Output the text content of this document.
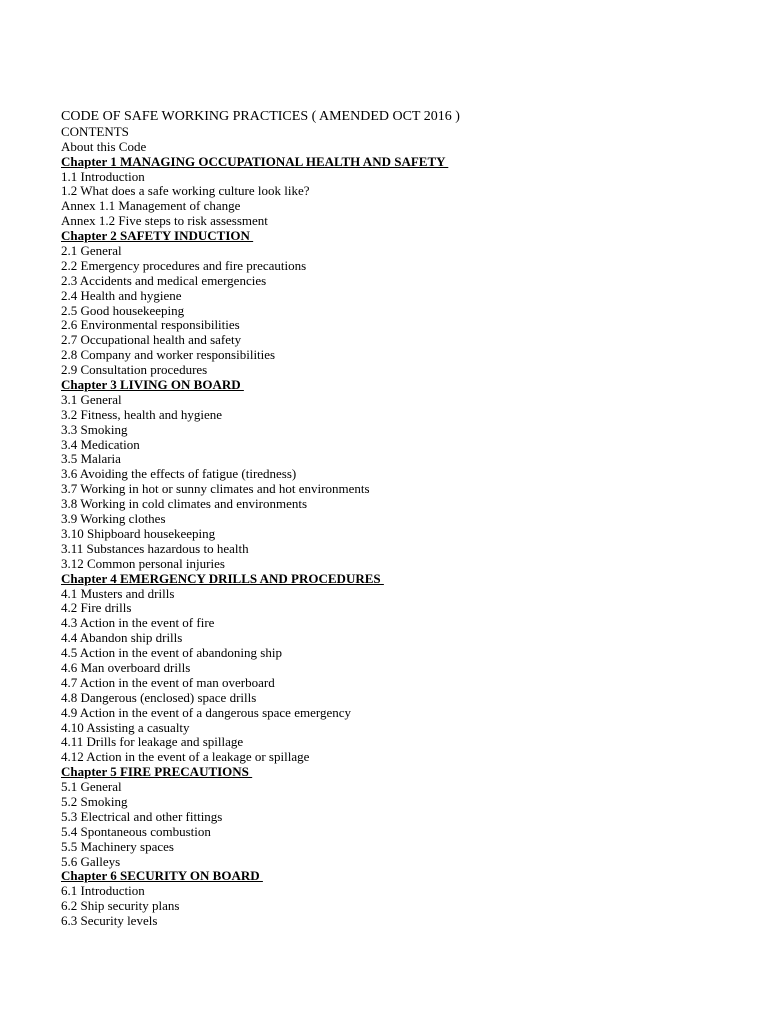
CODE OF SAFE WORKING PRACTICES ( AMENDED OCT 2016 )
CONTENTS
About this Code
Chapter 1 MANAGING OCCUPATIONAL HEALTH AND SAFETY
1.1 Introduction
1.2 What does a safe working culture look like?
Annex 1.1 Management of change
Annex 1.2 Five steps to risk assessment
Chapter 2 SAFETY INDUCTION
2.1 General
2.2 Emergency procedures and fire precautions
2.3 Accidents and medical emergencies
2.4 Health and hygiene
2.5 Good housekeeping
2.6 Environmental responsibilities
2.7 Occupational health and safety
2.8 Company and worker responsibilities
2.9 Consultation procedures
Chapter 3 LIVING ON BOARD
3.1 General
3.2 Fitness, health and hygiene
3.3 Smoking
3.4 Medication
3.5 Malaria
3.6 Avoiding the effects of fatigue (tiredness)
3.7 Working in hot or sunny climates and hot environments
3.8 Working in cold climates and environments
3.9 Working clothes
3.10 Shipboard housekeeping
3.11 Substances hazardous to health
3.12 Common personal injuries
Chapter 4 EMERGENCY DRILLS AND PROCEDURES
4.1 Musters and drills
4.2 Fire drills
4.3 Action in the event of fire
4.4 Abandon ship drills
4.5 Action in the event of abandoning ship
4.6 Man overboard drills
4.7 Action in the event of man overboard
4.8 Dangerous (enclosed) space drills
4.9 Action in the event of a dangerous space emergency
4.10 Assisting a casualty
4.11 Drills for leakage and spillage
4.12 Action in the event of a leakage or spillage
Chapter 5 FIRE PRECAUTIONS
5.1 General
5.2 Smoking
5.3 Electrical and other fittings
5.4 Spontaneous combustion
5.5 Machinery spaces
5.6 Galleys
Chapter 6 SECURITY ON BOARD
6.1 Introduction
6.2 Ship security plans
6.3 Security levels
